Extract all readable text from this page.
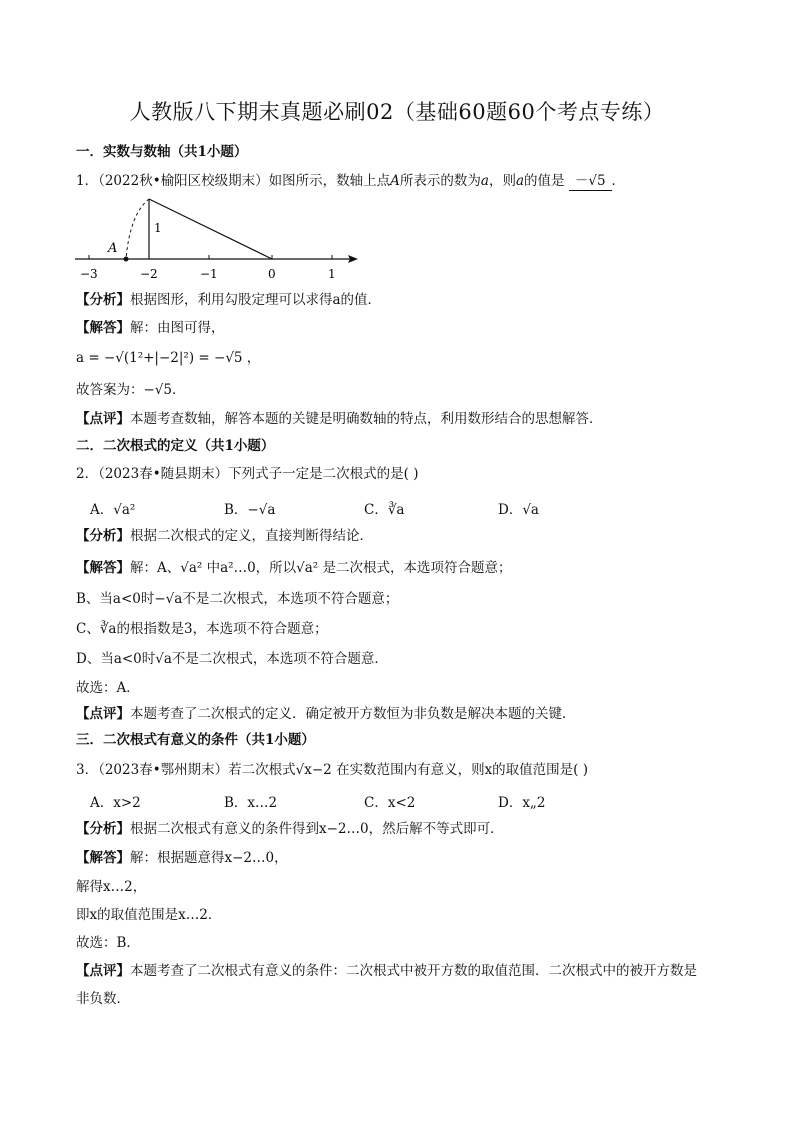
人教版八下期末真题必刷02（基础60题60个考点专练）
一．实数与数轴（共1小题）
1．（2022秋•榆阳区校级期末）如图所示，数轴上点A所表示的数为a，则a的值是 －√5 ．
A
1
−3	−2	−1	0	1
【分析】根据图形，利用勾股定理可以求得a的值．
【解答】解：由图可得，
a = −√(1²+|−2|²) = −√5 ，
故答案为：−√5．
【点评】本题考查数轴，解答本题的关键是明确数轴的特点，利用数形结合的思想解答．
二．二次根式的定义（共1小题）
2．（2023春•随县期末）下列式子一定是二次根式的是( )
A．√a²	B．−√a	C．∛a	D．√a
【分析】根据二次根式的定义，直接判断得结论．
【解答】解：A、√a² 中a²…0，所以√a² 是二次根式，本选项符合题意；
B、当a<0时−√a不是二次根式，本选项不符合题意；
C、∛a的根指数是3，本选项不符合题意；
D、当a<0时√a不是二次根式，本选项不符合题意．
故选：A．
【点评】本题考查了二次根式的定义．确定被开方数恒为非负数是解决本题的关键．
三．二次根式有意义的条件（共1小题）
3．（2023春•鄂州期末）若二次根式√x−2 在实数范围内有意义，则x的取值范围是( )
A．x>2	B．x…2	C．x<2	D．x„2
【分析】根据二次根式有意义的条件得到x−2…0，然后解不等式即可．
【解答】解：根据题意得x−2…0，
解得x…2，
即x的取值范围是x…2．
故选：B．
【点评】本题考查了二次根式有意义的条件：二次根式中被开方数的取值范围．二次根式中的被开方数是
非负数．
